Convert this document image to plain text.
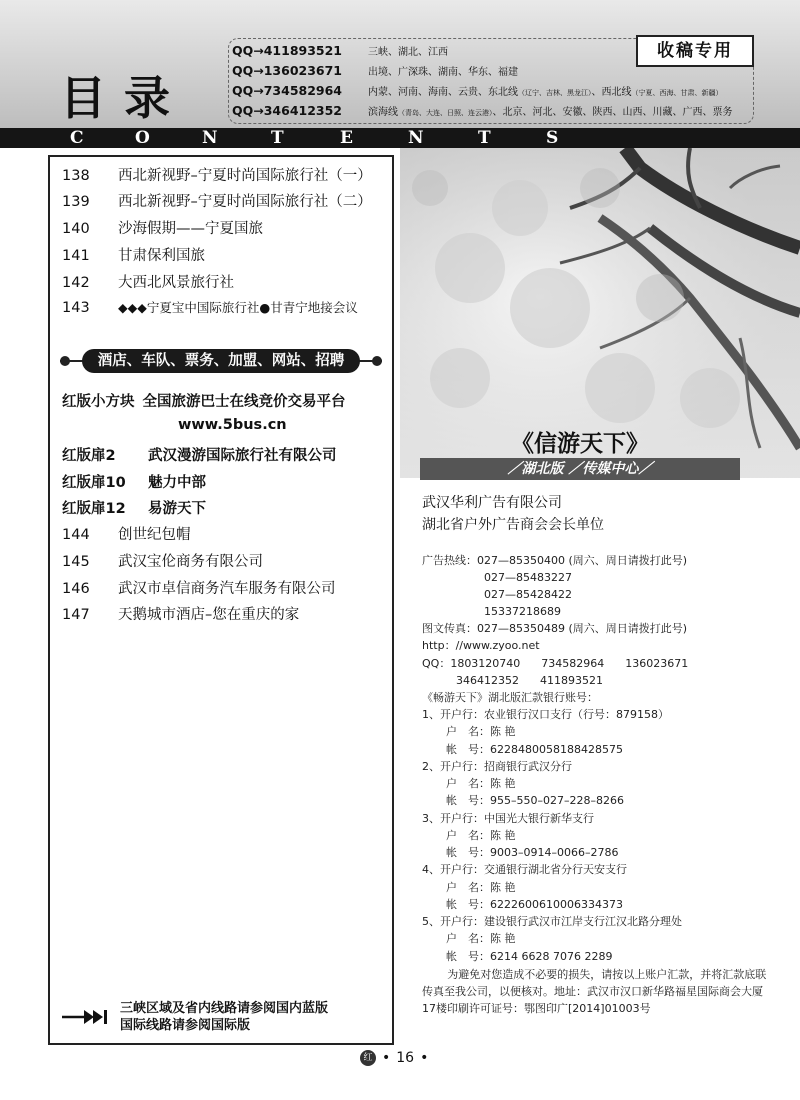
目录
收稿专用
QQ→411893521	三峡、湖北、江西
QQ→136023671	出境、广深珠、湖南、华东、福建
QQ→734582964	内蒙、河南、海南、云贵、东北线（辽宁、吉林、黑龙江）、西北线（宁夏、西海、甘肃、新疆）
QQ→346412352	滨海线（青岛、大连、日照、连云港）、北京、河北、安徽、陕西、山西、川藏、广西、票务
C	O	N	T	E	N	T	S
138 西北新视野–宁夏时尚国际旅行社（一）
139 西北新视野–宁夏时尚国际旅行社（二）
140 沙海假期——宁夏国旅
141 甘肃保利国旅
142 大西北风景旅行社
143 ◆◆◆宁夏宝中国际旅行社●甘青宁地接会议
酒店、车队、票务、加盟、网站、招聘
红版小方块 全国旅游巴士在线竞价交易平台
www.5bus.cn
红版扉2 武汉漫游国际旅行社有限公司
红版扉10 魅力中部
红版扉12 易游天下
144 创世纪包帽
145 武汉宝伦商务有限公司
146 武汉市卓信商务汽车服务有限公司
147 天鹅城市酒店–您在重庆的家
三峡区域及省内线路请参阅国内蓝版
国际线路请参阅国际版
《信游天下》
／湖北版 ／传媒中心／
武汉华利广告有限公司
湖北省户外广告商会会长单位
广告热线：027—85350400 (周六、周日请拨打此号)
027—85483227
027—85428422
15337218689
图文传真：027—85350489 (周六、周日请拨打此号)
http：//www.zyoo.net
QQ：1803120740      734582964      136023671
346412352      411893521
《畅游天下》湖北版汇款银行账号：
1、开户行：农业银行汉口支行（行号：879158）
户　名：陈 艳
帐　号：6228480058188428575
2、开户行：招商银行武汉分行
户　名：陈 艳
帐　号：955–550–027–228–8266
3、开户行：中国光大银行新华支行
户　名：陈 艳
帐　号：9003–0914–0066–2786
4、开户行：交通银行湖北省分行天安支行
户　名：陈 艳
帐　号：6222600610006334373
5、开户行：建设银行武汉市江岸支行江汉北路分理处
户　名：陈 艳
帐　号：6214 6628 7076 2289
为避免对您造成不必要的损失，请按以上账户汇款，并将汇款底联传真至我公司，以便核对。地址：武汉市汉口新华路福星国际商会大厦17楼印刷许可证号：鄂图印广[2014]01003号
红 • 16 •
